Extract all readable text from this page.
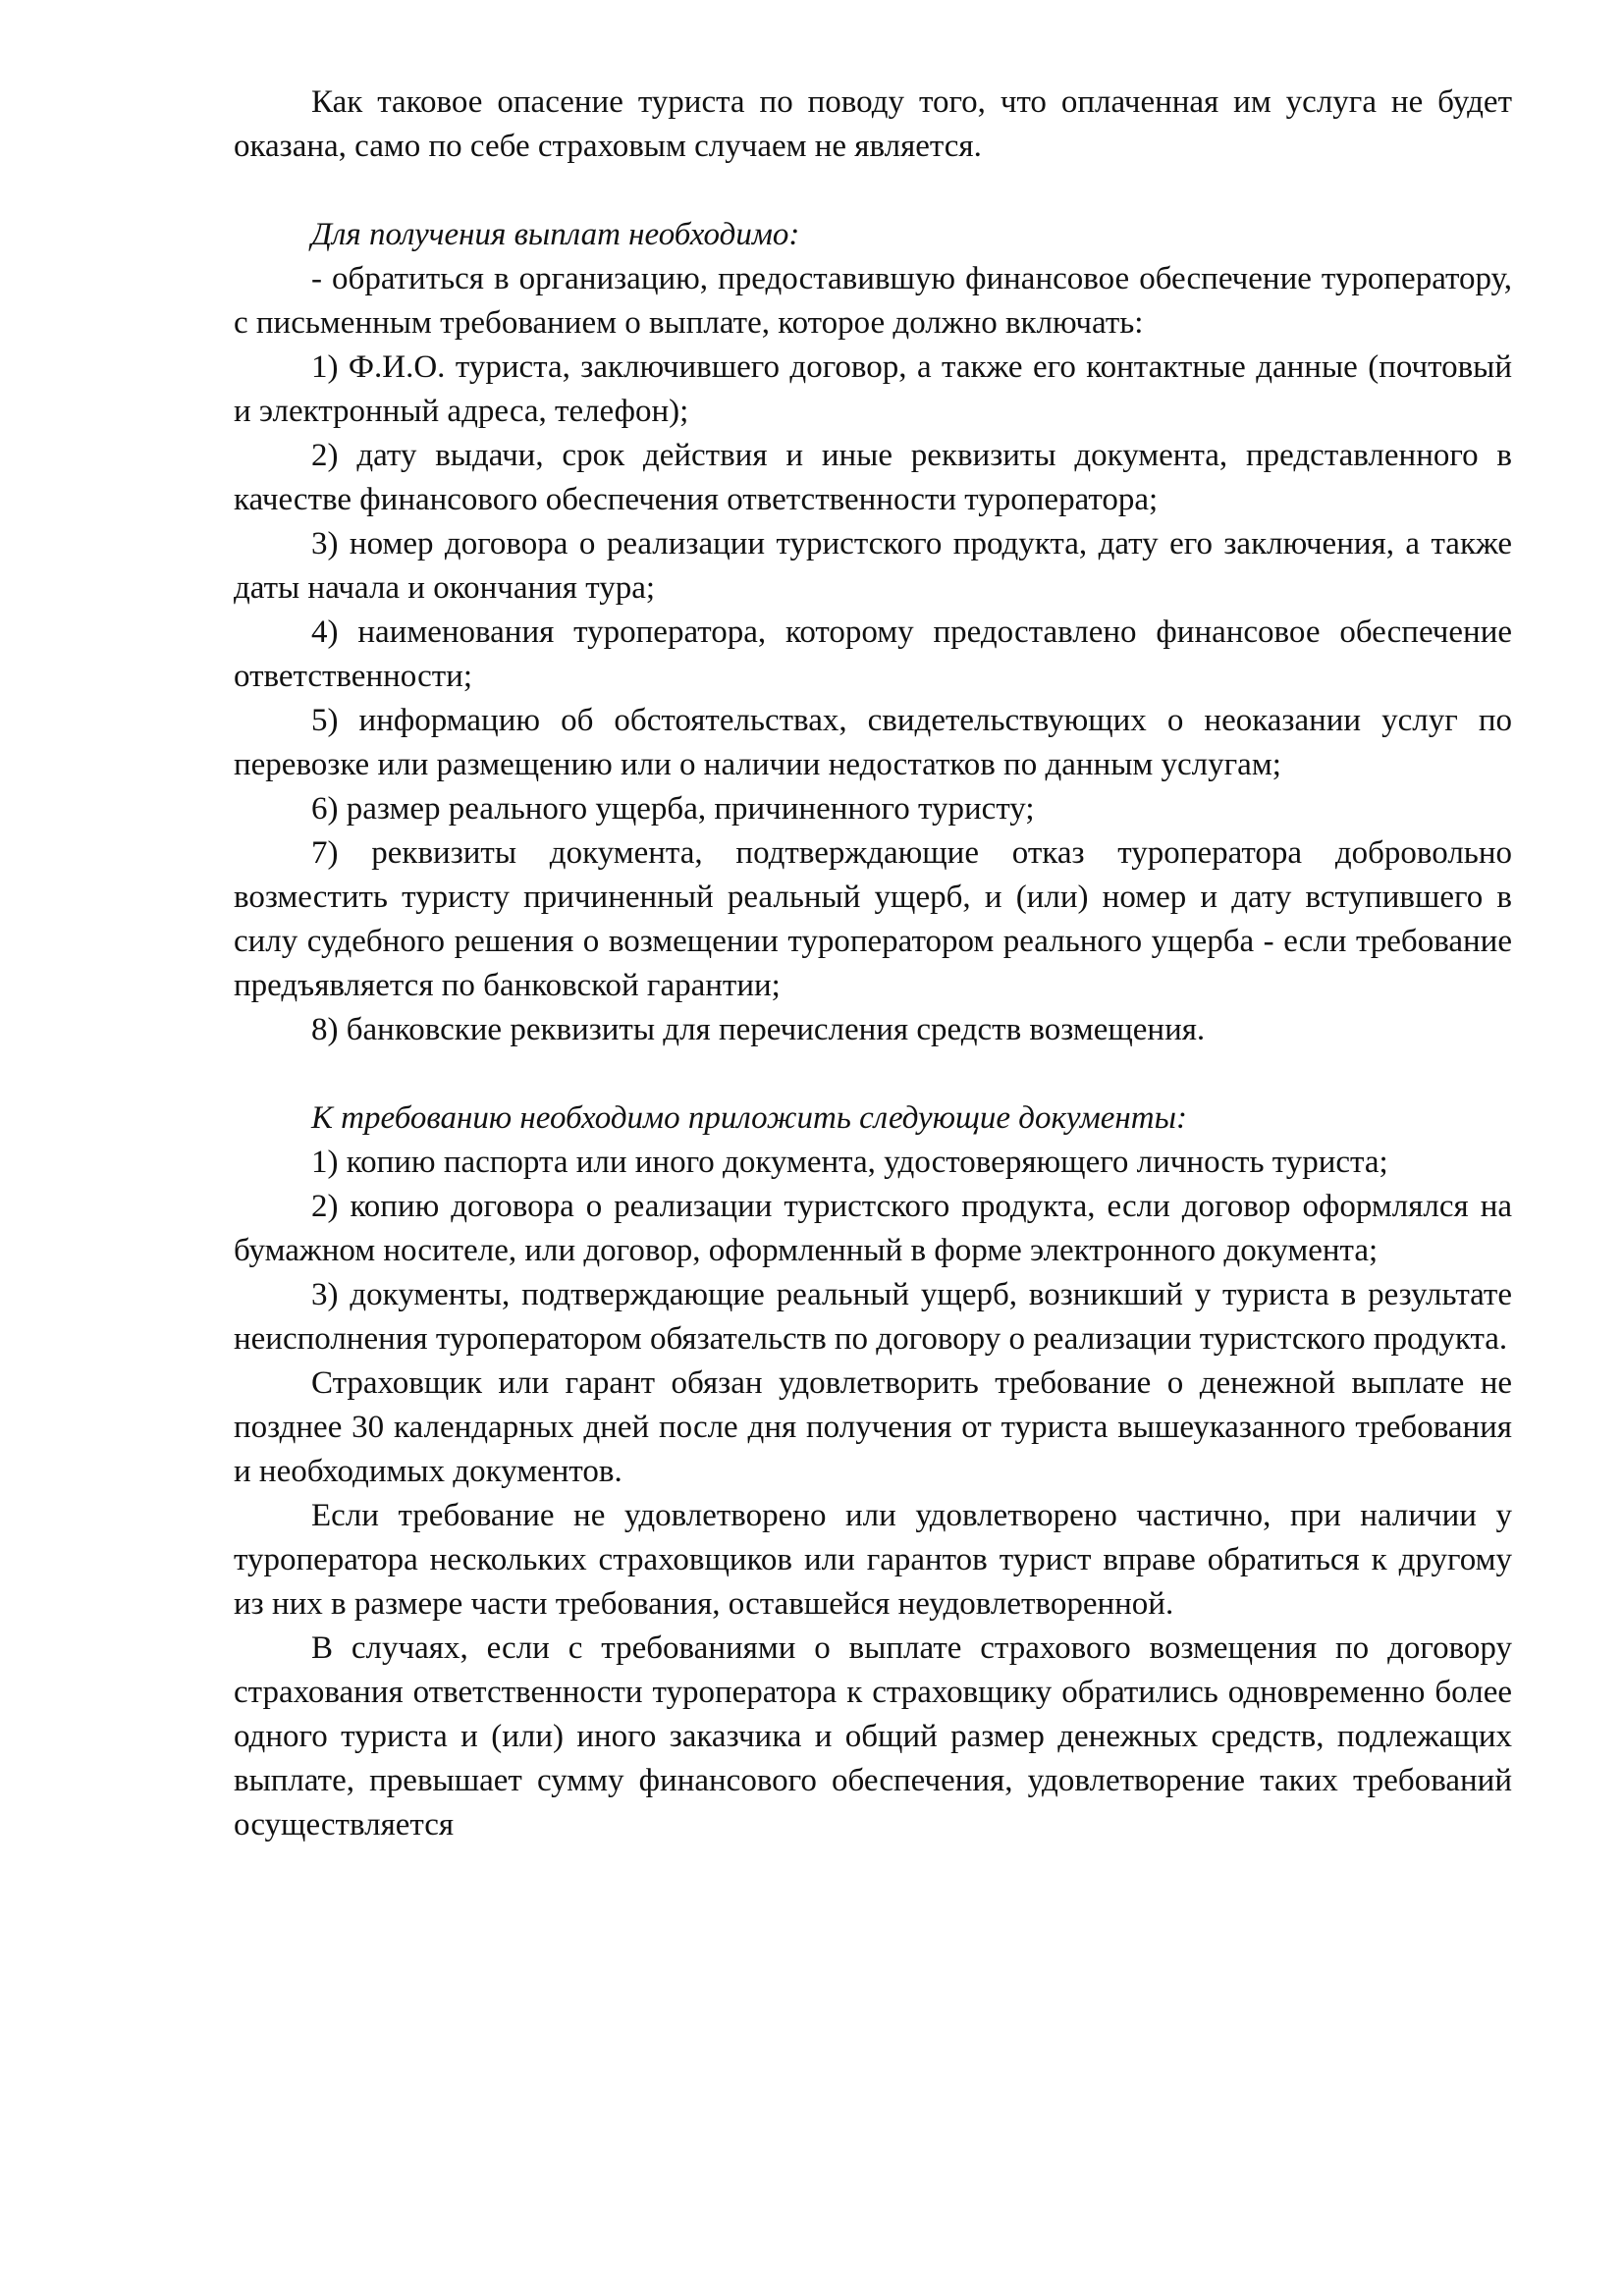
Как таковое опасение туриста по поводу того, что оплаченная им услуга не будет оказана, само по себе страховым случаем не является.

Для получения выплат необходимо:

- обратиться в организацию, предоставившую финансовое обеспечение туроператору, с письменным требованием о выплате, которое должно включать:

1) Ф.И.О. туриста, заключившего договор, а также его контактные данные (почтовый и электронный адреса, телефон);

2) дату выдачи, срок действия и иные реквизиты документа, представленного в качестве финансового обеспечения ответственности туроператора;

3) номер договора о реализации туристского продукта, дату его заключения, а также даты начала и окончания тура;

4) наименования туроператора, которому предоставлено финансовое обеспечение ответственности;

5) информацию об обстоятельствах, свидетельствующих о неоказании услуг по перевозке или размещению или о наличии недостатков по данным услугам;

6) размер реального ущерба, причиненного туристу;

7) реквизиты документа, подтверждающие отказ туроператора добровольно возместить туристу причиненный реальный ущерб, и (или) номер и дату вступившего в силу судебного решения о возмещении туроператором реального ущерба - если требование предъявляется по банковской гарантии;

8) банковские реквизиты для перечисления средств возмещения.

К требованию необходимо приложить следующие документы:

1) копию паспорта или иного документа, удостоверяющего личность туриста;

2) копию договора о реализации туристского продукта, если договор оформлялся на бумажном носителе, или договор, оформленный в форме электронного документа;

3) документы, подтверждающие реальный ущерб, возникший у туриста в результате неисполнения туроператором обязательств по договору о реализации туристского продукта.

Страховщик или гарант обязан удовлетворить требование о денежной выплате не позднее 30 календарных дней после дня получения от туриста вышеуказанного требования и необходимых документов.

Если требование не удовлетворено или удовлетворено частично, при наличии у туроператора нескольких страховщиков или гарантов турист вправе обратиться к другому из них в размере части требования, оставшейся неудовлетворенной.

В случаях, если с требованиями о выплате страхового возмещения по договору страхования ответственности туроператора к страховщику обратились одновременно более одного туриста и (или) иного заказчика и общий размер денежных средств, подлежащих выплате, превышает сумму финансового обеспечения, удовлетворение таких требований осуществляется
